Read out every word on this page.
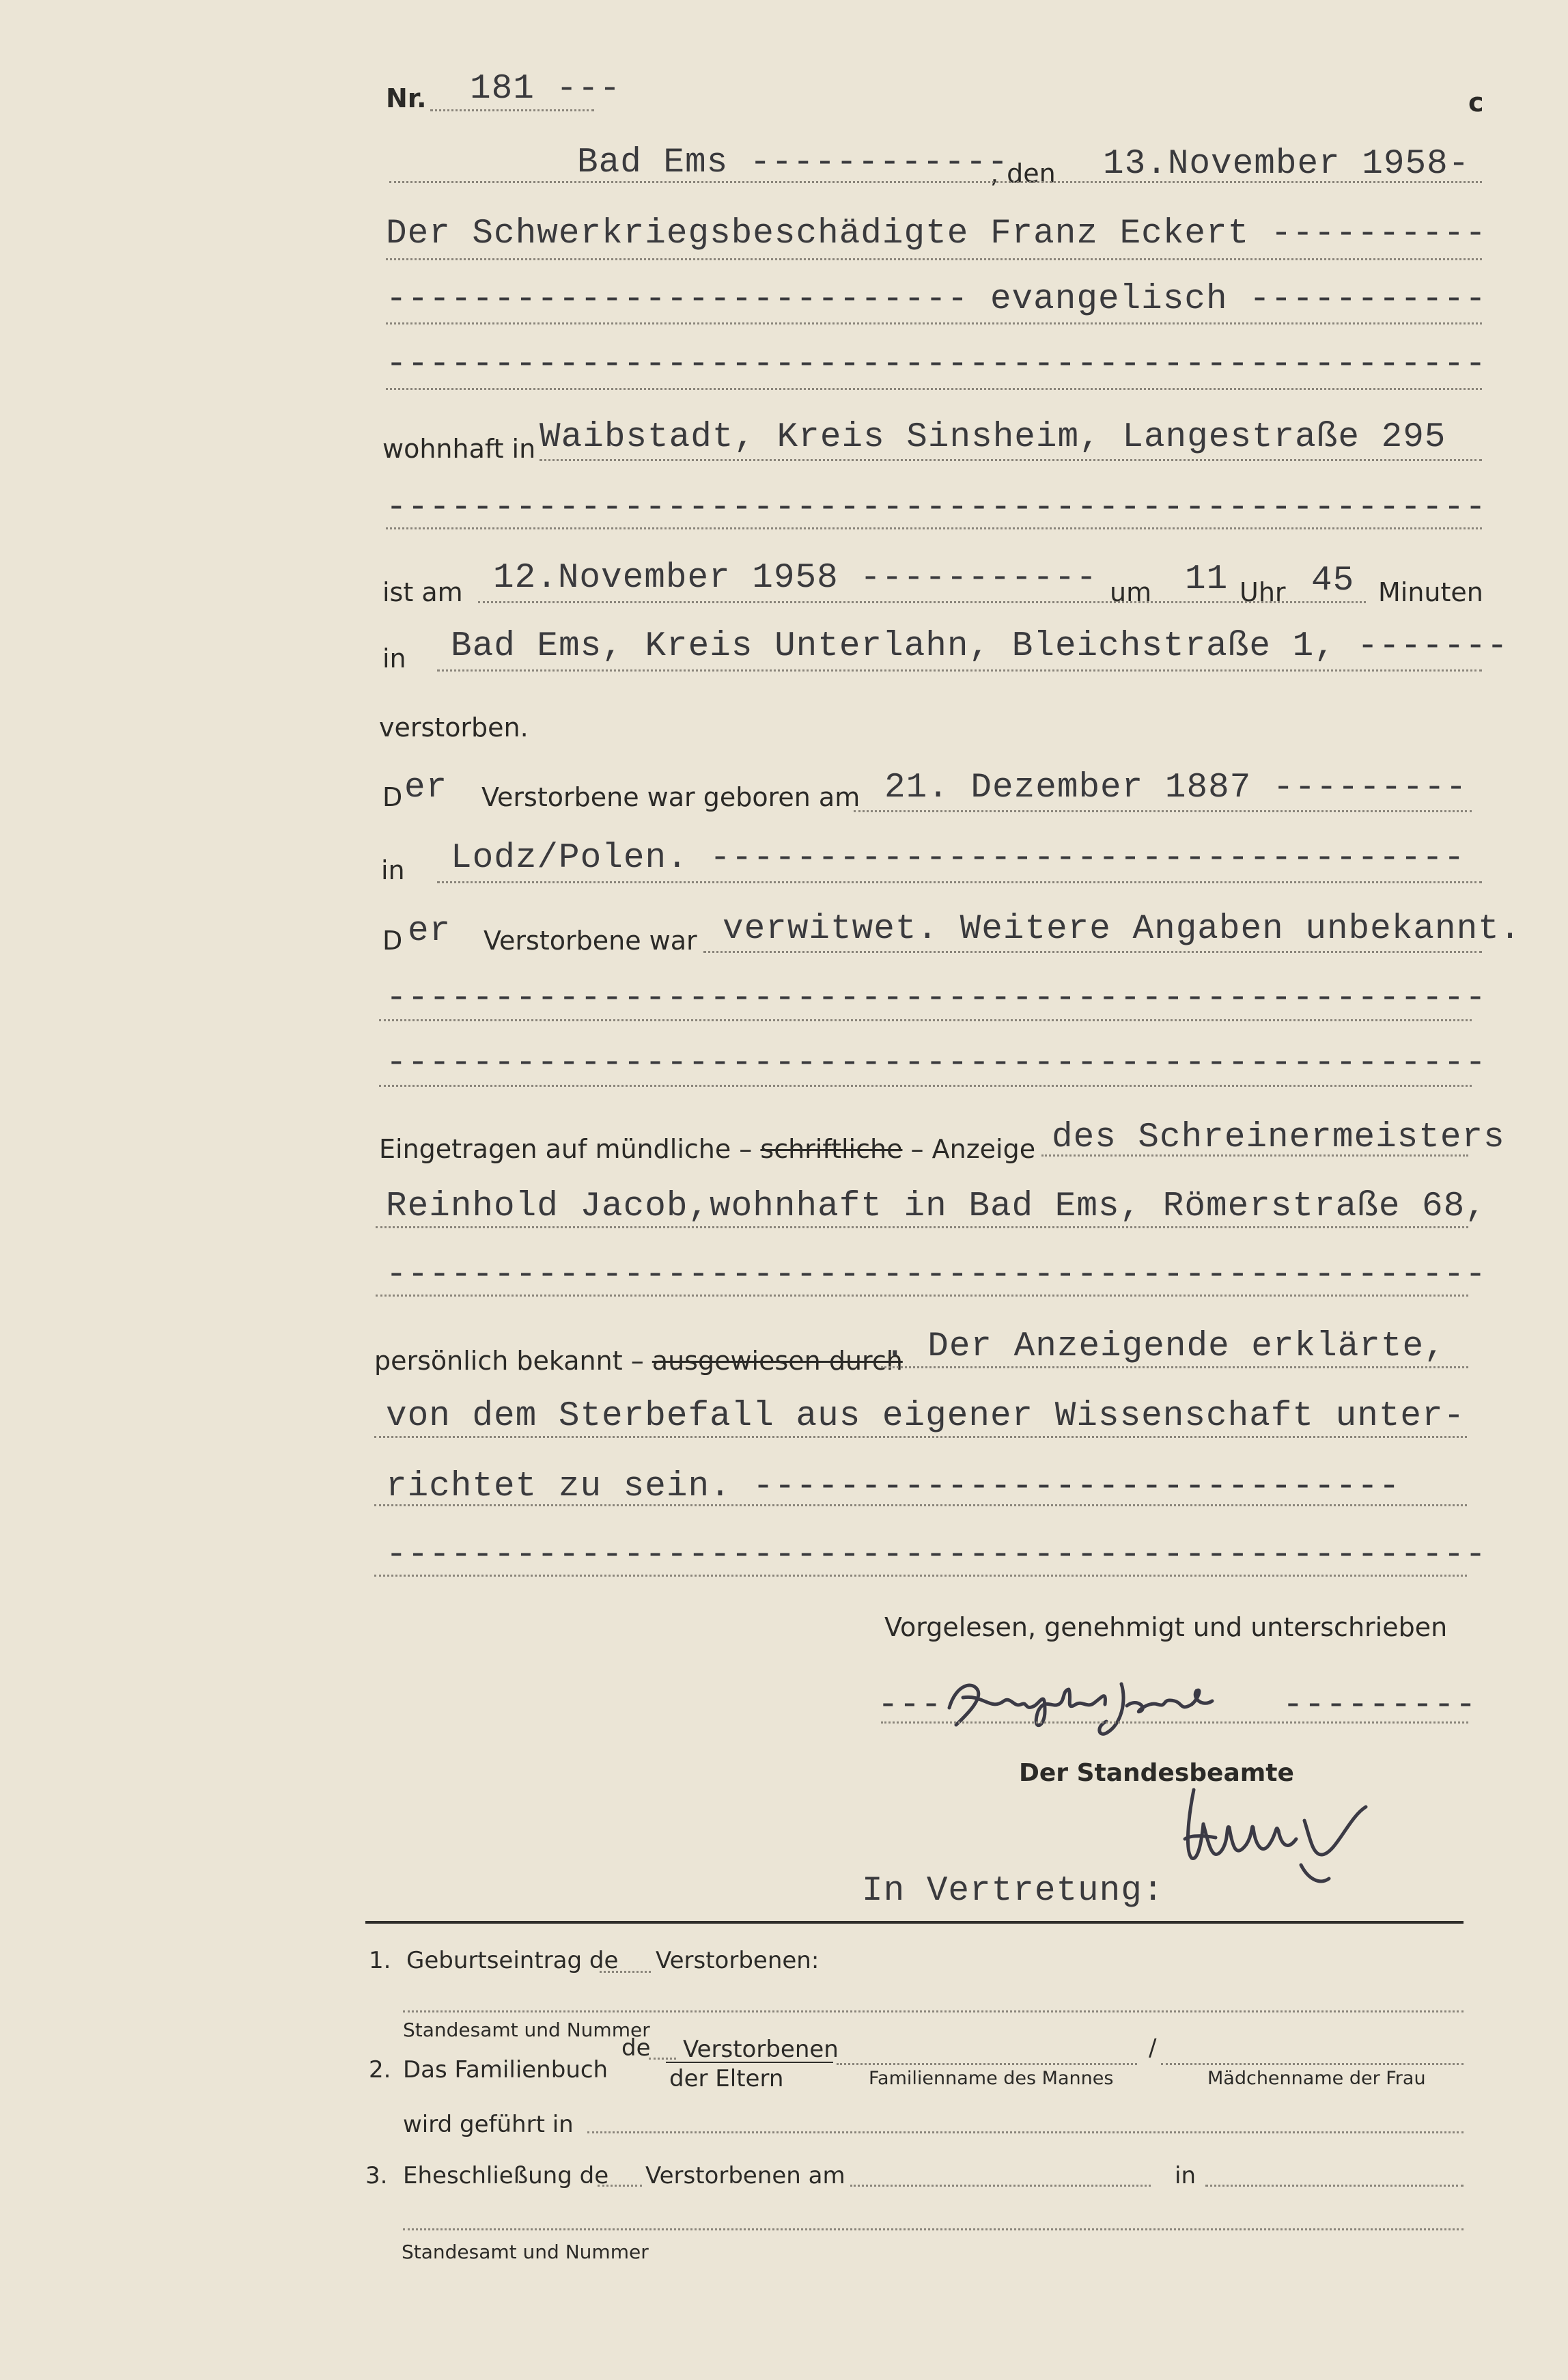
Nr. 181 ---	c
Bad Ems ------------
, den 13.November 1958-
Der Schwerkriegsbeschädigte Franz Eckert ----------
--------------------------- evangelisch -----------
---------------------------------------------------
wohnhaft in Waibstadt, Kreis Sinsheim, Langestraße 295
---------------------------------------------------
ist am 12.November 1958 ----------- um 11 Uhr 45 Minuten
in Bad Ems, Kreis Unterlahn, Bleichstraße 1, -------
verstorben.
D er Verstorbene war geboren am 21. Dezember 1887 ---------
in Lodz/Polen. -----------------------------------
D er Verstorbene war verwitwet. Weitere Angaben unbekannt.
---------------------------------------------------
---------------------------------------------------
Eingetragen auf mündliche – schriftliche – Anzeige des Schreinermeisters
Reinhold Jacob,wohnhaft in Bad Ems, Römerstraße 68,
---------------------------------------------------
persönlich bekannt – ausgewiesen durch
. Der Anzeigende erklärte,
von dem Sterbefall aus eigener Wissenschaft unter-
richtet zu sein. ------------------------------
---------------------------------------------------
Vorgelesen, genehmigt und unterschrieben
---	---------
Der Standesbeamte
In Vertretung:
1. Geburtseintrag de Verstorbenen:
Standesamt und Nummer
2. Das Familienbuch
de Verstorbenen
der Eltern
/
Familienname des Mannes	Mädchenname der Frau
wird geführt in
3. Eheschließung de Verstorbenen am	in
Standesamt und Nummer
